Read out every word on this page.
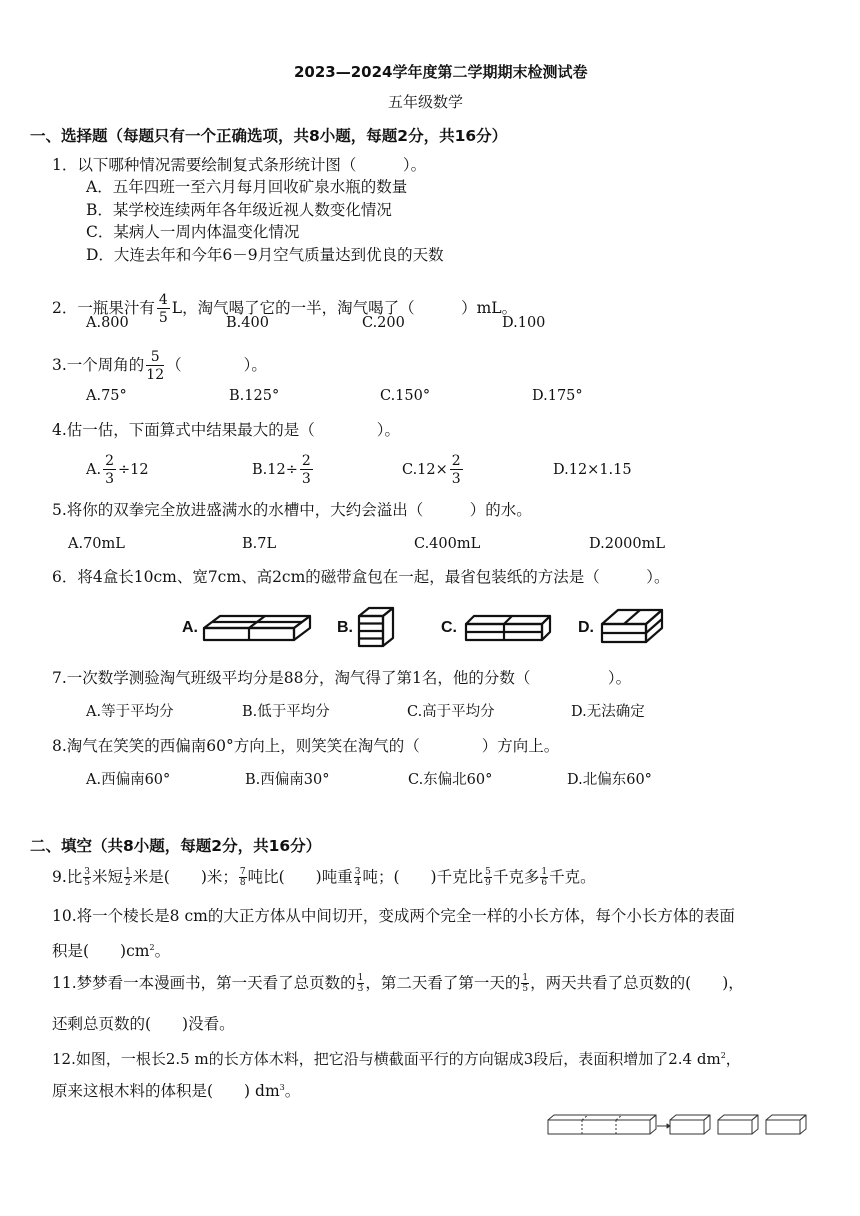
2023—2024学年度第二学期期末检测试卷
五年级数学
一、选择题（每题只有一个正确选项，共8小题，每题2分，共16分）
1．以下哪种情况需要绘制复式条形统计图（　　　）。
A．五年四班一至六月每月回收矿泉水瓶的数量
B．某学校连续两年各年级近视人数变化情况
C．某病人一周内体温变化情况
D．大连去年和今年6－9月空气质量达到优良的天数
2．一瓶果汁有 $\frac{4}{5}$ L，淘气喝了它的一半，淘气喝了（　　　）mL。
A.800	B.400	C.200	D.100
3.一个周角的 $\frac{5}{12}$ （　　　　）。
A.75°	B.125°	C.150°	D.175°
4.估一估，下面算式中结果最大的是（　　　　）。
A. $\frac{2}{3} \div 12$	$B.12\div \frac{2}{3}$	$C.12\times \frac{2}{3}$	D.12×1.15
5.将你的双拳完全放进盛满水的水槽中，大约会溢出（　　　）的水。
A.70mL	B.7L	C.400mL	D.2000mL
6．将4盒长10cm、宽7cm、高2cm的磁带盒包在一起，最省包装纸的方法是（　　　）。
A.	B.	C.	D.
7.一次数学测验淘气班级平均分是88分，淘气得了第1名，他的分数（　　　　　）。
A.等于平均分	B.低于平均分	C.高于平均分	D.无法确定
8.淘气在笑笑的西偏南60°方向上，则笑笑在淘气的（　　　　）方向上。
A.西偏南60°	B.西偏南30°	C.东偏北60°	D.北偏东60°
二、填空（共8小题，每题2分，共16分）
9.比 $\frac{3}{5}$ 米短 $\frac{1}{2}$ 米是(　　)米； $\frac{7}{8}$ 吨比(　　)吨重 $\frac{3}{4}$ 吨；(　　)千克比 $\frac{5}{9}$ 千克多 $\frac{1}{6}$ 千克。
10.将一个棱长是8 cm的大正方体从中间切开，变成两个完全一样的小长方体，每个小长方体的表面
积是(　　)$cm^2$。
11.梦梦看一本漫画书，第一天看了总页数的 $\frac{1}{3}$ ，第二天看了第一天的 $\frac{1}{5}$ ，两天共看了总页数的(　　)，
还剩总页数的(　　)没看。
12.如图，一根长2.5 m的长方体木料，把它沿与横截面平行的方向锯成3段后，表面积增加了2.4 $dm^2$，
原来这根木料的体积是(　　) $dm^3$。
